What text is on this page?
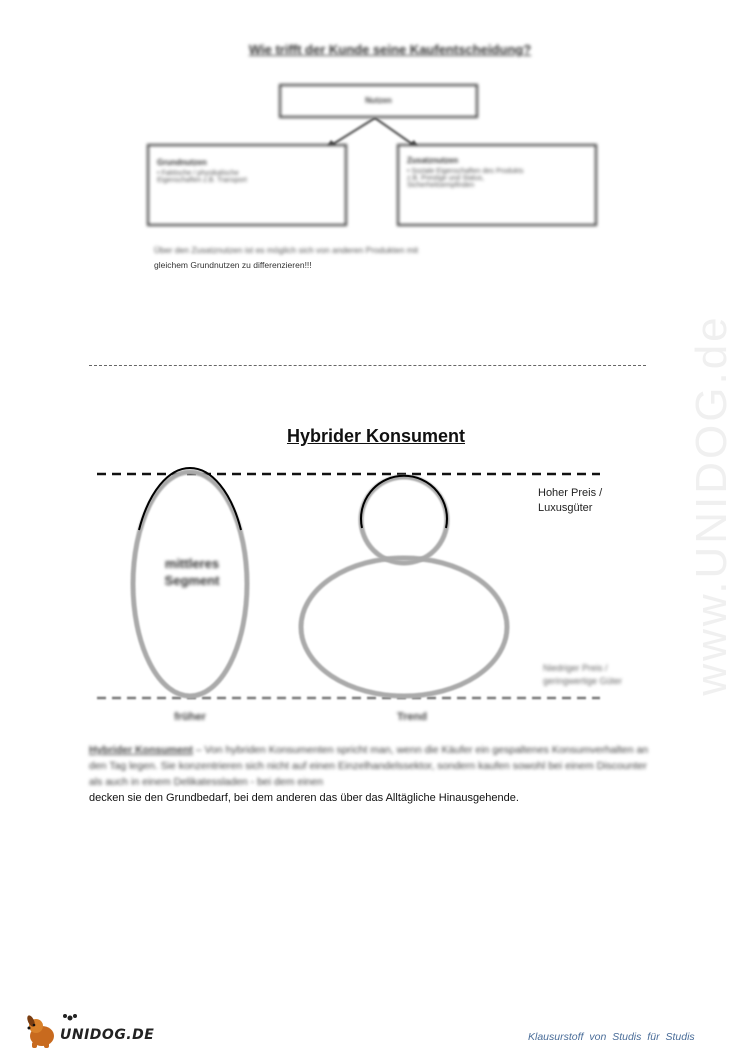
Wie trifft der Kunde seine Kaufentscheidung?
Nutzen
Grundnutzen
• Faktische / physikalische
Eigenschaften z.B. Transport
Zusatznutzen
• Soziale Eigenschaften des Produkts
z.B. Prestige und Status,
Sicherheitsempfinden
Über den Zusatznutzen ist es möglich sich von anderen Produkten mit
gleichem Grundnutzen zu differenzieren!!!
Hybrider Konsument
Hoher Preis /
Luxusgüter
Niedriger Preis /
geringwertige Güter
mittleres
Segment
früher	Trend
Hybrider Konsument – Von hybriden Konsumenten spricht man, wenn die Käufer ein gespaltenes Konsumverhalten an den Tag legen. Sie konzentrieren sich nicht auf einen Einzelhandelssektor, sondern kaufen sowohl bei einem Discounter als auch in einem Delikatessladen - bei dem einen
decken sie den Grundbedarf, bei dem anderen das über das Alltägliche Hinausgehende.
www.UNIDOG.de
UNIDOG.DE	Klausurstoff von Studis für Studis
